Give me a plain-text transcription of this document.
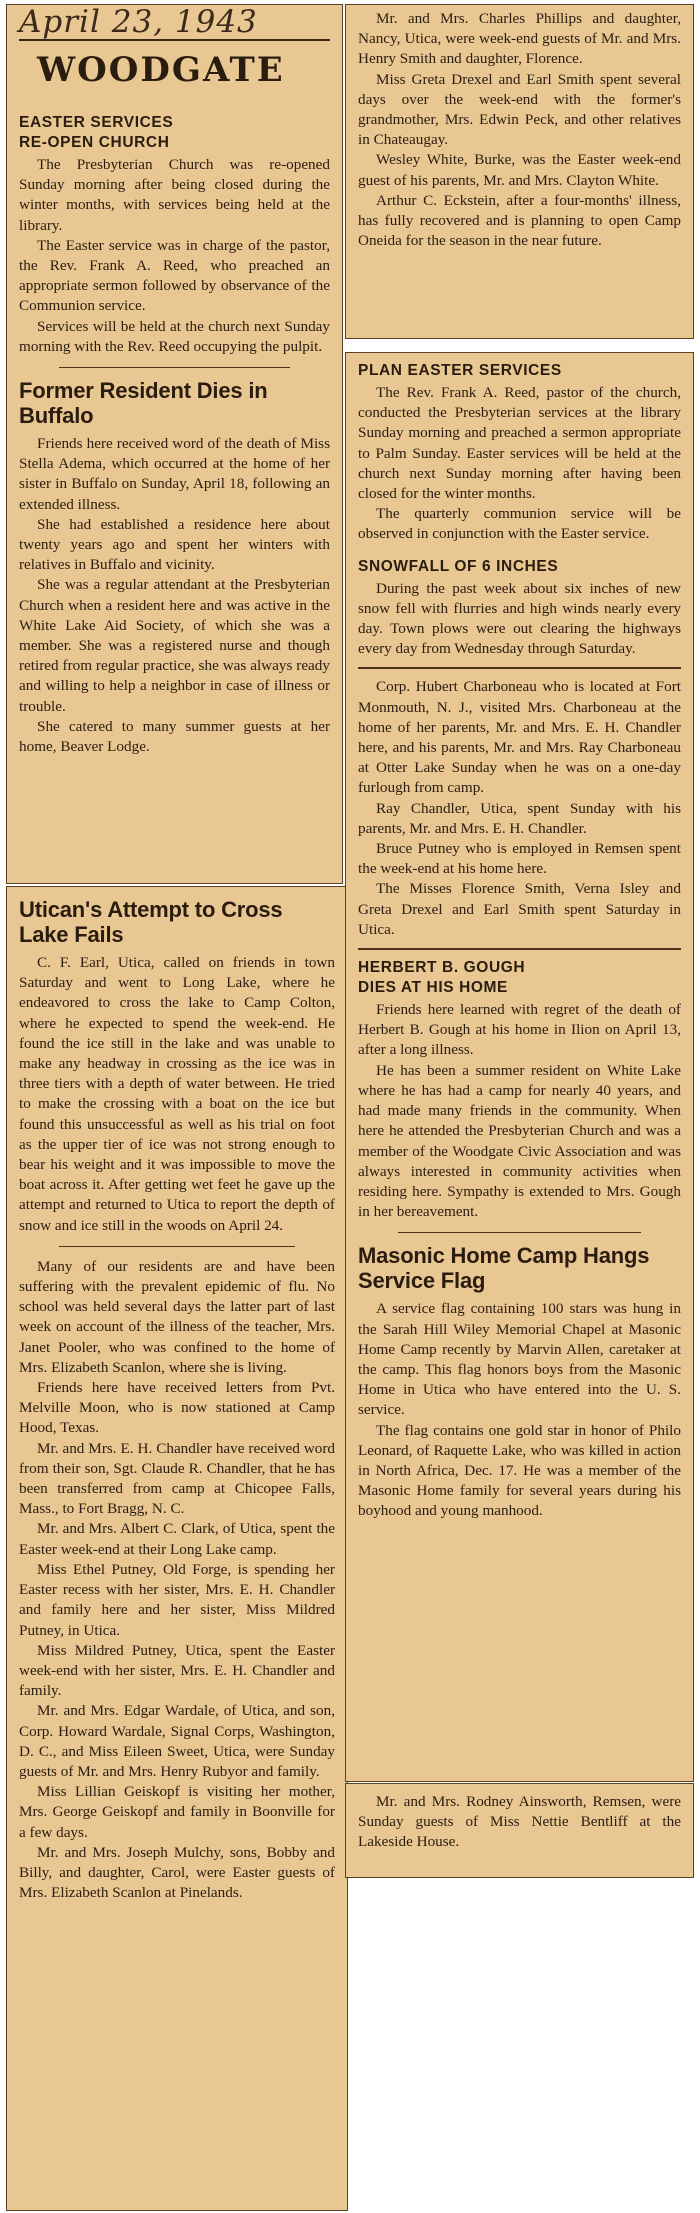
April 23, 1943
WOODGATE
EASTER SERVICES
RE-OPEN CHURCH

The Presbyterian Church was re-opened Sunday morning after being closed during the winter months, with services being held at the library.

The Easter service was in charge of the pastor, the Rev. Frank A. Reed, who preached an appropriate sermon followed by observance of the Communion service.

Services will be held at the church next Sunday morning with the Rev. Reed occupying the pulpit.

Former Resident Dies in Buffalo

Friends here received word of the death of Miss Stella Adema, which occurred at the home of her sister in Buffalo on Sunday, April 18, following an extended illness.

She had established a residence here about twenty years ago and spent her winters with relatives in Buffalo and vicinity.

She was a regular attendant at the Presbyterian Church when a resident here and was active in the White Lake Aid Society, of which she was a member. She was a registered nurse and though retired from regular practice, she was always ready and willing to help a neighbor in case of illness or trouble.

She catered to many summer guests at her home, Beaver Lodge.

Utican's Attempt to Cross Lake Fails

C. F. Earl, Utica, called on friends in town Saturday and went to Long Lake, where he endeavored to cross the lake to Camp Colton, where he expected to spend the week-end. He found the ice still in the lake and was unable to make any headway in crossing as the ice was in three tiers with a depth of water between. He tried to make the crossing with a boat on the ice but found this unsuccessful as well as his trial on foot as the upper tier of ice was not strong enough to bear his weight and it was impossible to move the boat across it. After getting wet feet he gave up the attempt and returned to Utica to report the depth of snow and ice still in the woods on April 24.

Many of our residents are and have been suffering with the prevalent epidemic of flu. No school was held several days the latter part of last week on account of the illness of the teacher, Mrs. Janet Pooler, who was confined to the home of Mrs. Elizabeth Scanlon, where she is living.

Friends here have received letters from Pvt. Melville Moon, who is now stationed at Camp Hood, Texas.

Mr. and Mrs. E. H. Chandler have received word from their son, Sgt. Claude R. Chandler, that he has been transferred from camp at Chicopee Falls, Mass., to Fort Bragg, N. C.

Mr. and Mrs. Albert C. Clark, of Utica, spent the Easter week-end at their Long Lake camp.

Miss Ethel Putney, Old Forge, is spending her Easter recess with her sister, Mrs. E. H. Chandler and family here and her sister, Miss Mildred Putney, in Utica.

Miss Mildred Putney, Utica, spent the Easter week-end with her sister, Mrs. E. H. Chandler and family.

Mr. and Mrs. Edgar Wardale, of Utica, and son, Corp. Howard Wardale, Signal Corps, Washington, D. C., and Miss Eileen Sweet, Utica, were Sunday guests of Mr. and Mrs. Henry Rubyor and family.

Miss Lillian Geiskopf is visiting her mother, Mrs. George Geiskopf and family in Boonville for a few days.

Mr. and Mrs. Joseph Mulchy, sons, Bobby and Billy, and daughter, Carol, were Easter guests of Mrs. Elizabeth Scanlon at Pinelands.

Mr. and Mrs. Charles Phillips and daughter, Nancy, Utica, were week-end guests of Mr. and Mrs. Henry Smith and daughter, Florence.

Miss Greta Drexel and Earl Smith spent several days over the week-end with the former's grandmother, Mrs. Edwin Peck, and other relatives in Chateaugay.

Wesley White, Burke, was the Easter week-end guest of his parents, Mr. and Mrs. Clayton White.

Arthur C. Eckstein, after a four-months' illness, has fully recovered and is planning to open Camp Oneida for the season in the near future.

PLAN EASTER SERVICES

The Rev. Frank A. Reed, pastor of the church, conducted the Presbyterian services at the library Sunday morning and preached a sermon appropriate to Palm Sunday. Easter services will be held at the church next Sunday morning after having been closed for the winter months.

The quarterly communion service will be observed in conjunction with the Easter service.

SNOWFALL OF 6 INCHES

During the past week about six inches of new snow fell with flurries and high winds nearly every day. Town plows were out clearing the highways every day from Wednesday through Saturday.

Corp. Hubert Charboneau who is located at Fort Monmouth, N. J., visited Mrs. Charboneau at the home of her parents, Mr. and Mrs. E. H. Chandler here, and his parents, Mr. and Mrs. Ray Charboneau at Otter Lake Sunday when he was on a one-day furlough from camp.

Ray Chandler, Utica, spent Sunday with his parents, Mr. and Mrs. E. H. Chandler.

Bruce Putney who is employed in Remsen spent the week-end at his home here.

The Misses Florence Smith, Verna Isley and Greta Drexel and Earl Smith spent Saturday in Utica.

HERBERT B. GOUGH
DIES AT HIS HOME

Friends here learned with regret of the death of Herbert B. Gough at his home in Ilion on April 13, after a long illness.

He has been a summer resident on White Lake where he has had a camp for nearly 40 years, and had made many friends in the community. When here he attended the Presbyterian Church and was a member of the Woodgate Civic Association and was always interested in community activities when residing here. Sympathy is extended to Mrs. Gough in her bereavement.

Masonic Home Camp Hangs Service Flag

A service flag containing 100 stars was hung in the Sarah Hill Wiley Memorial Chapel at Masonic Home Camp recently by Marvin Allen, caretaker at the camp. This flag honors boys from the Masonic Home in Utica who have entered into the U. S. service.

The flag contains one gold star in honor of Philo Leonard, of Raquette Lake, who was killed in action in North Africa, Dec. 17. He was a member of the Masonic Home family for several years during his boyhood and young manhood.

Mr. and Mrs. Rodney Ainsworth, Remsen, were Sunday guests of Miss Nettie Bentliff at the Lakeside House.
